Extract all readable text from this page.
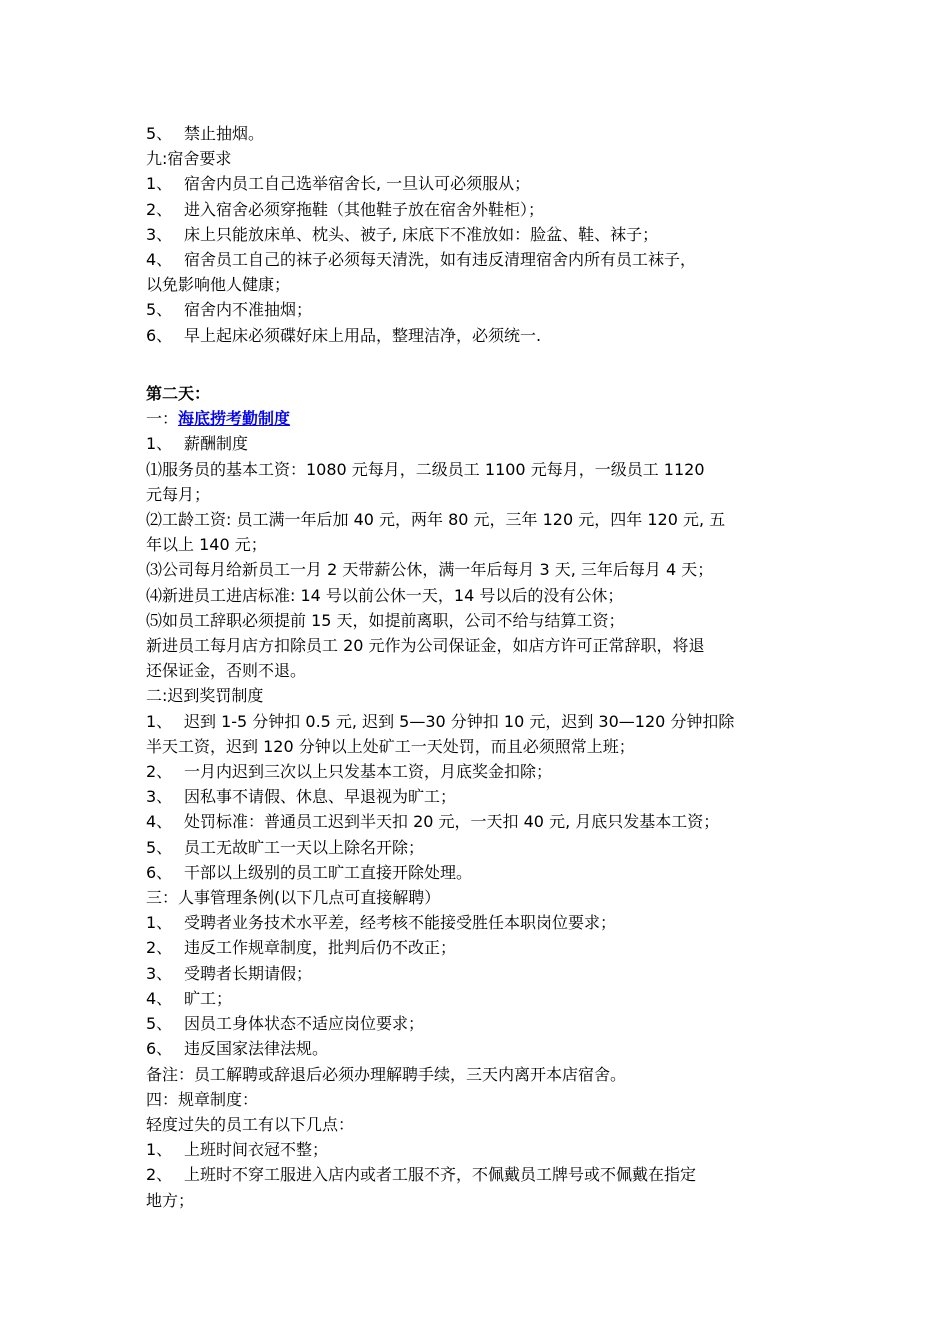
5、 禁止抽烟。
九:宿舍要求
1、 宿舍内员工自己选举宿舍长, 一旦认可必须服从；
2、 进入宿舍必须穿拖鞋（其他鞋子放在宿舍外鞋柜）；
3、 床上只能放床单、枕头、被子, 床底下不准放如：脸盆、鞋、袜子；
4、 宿舍员工自己的袜子必须每天清洗，如有违反清理宿舍内所有员工袜子，
以免影响他人健康；
5、 宿舍内不准抽烟；
6、 早上起床必须碟好床上用品，整理洁净，必须统一.
第二天：
一：海底捞考勤制度
1、 薪酬制度
⑴服务员的基本工资：1080 元每月，二级员工 1100 元每月，一级员工 1120
元每月；
⑵工龄工资: 员工满一年后加 40 元，两年 80 元，三年 120 元，四年 120 元, 五
年以上 140 元；
⑶公司每月给新员工一月 2 天带薪公休，满一年后每月 3 天, 三年后每月 4 天；
⑷新进员工进店标准: 14 号以前公休一天，14 号以后的没有公休；
⑸如员工辞职必须提前 15 天，如提前离职，公司不给与结算工资；
新进员工每月店方扣除员工 20 元作为公司保证金，如店方许可正常辞职，将退
还保证金，否则不退。
二:迟到奖罚制度
1、 迟到 1-5 分钟扣 0.5 元, 迟到 5—30 分钟扣 10 元，迟到 30—120 分钟扣除
半天工资，迟到 120 分钟以上处矿工一天处罚，而且必须照常上班；
2、 一月内迟到三次以上只发基本工资，月底奖金扣除；
3、 因私事不请假、休息、早退视为旷工；
4、 处罚标准：普通员工迟到半天扣 20 元，一天扣 40 元, 月底只发基本工资；
5、 员工无故旷工一天以上除名开除；
6、 干部以上级别的员工旷工直接开除处理。
三：人事管理条例(以下几点可直接解聘）
1、 受聘者业务技术水平差，经考核不能接受胜任本职岗位要求；
2、 违反工作规章制度，批判后仍不改正；
3、 受聘者长期请假；
4、 旷工；
5、 因员工身体状态不适应岗位要求；
6、 违反国家法律法规。
备注：员工解聘或辞退后必须办理解聘手续，三天内离开本店宿舍。
四：规章制度：
轻度过失的员工有以下几点：
1、 上班时间衣冠不整；
2、 上班时不穿工服进入店内或者工服不齐，不佩戴员工牌号或不佩戴在指定
地方；
